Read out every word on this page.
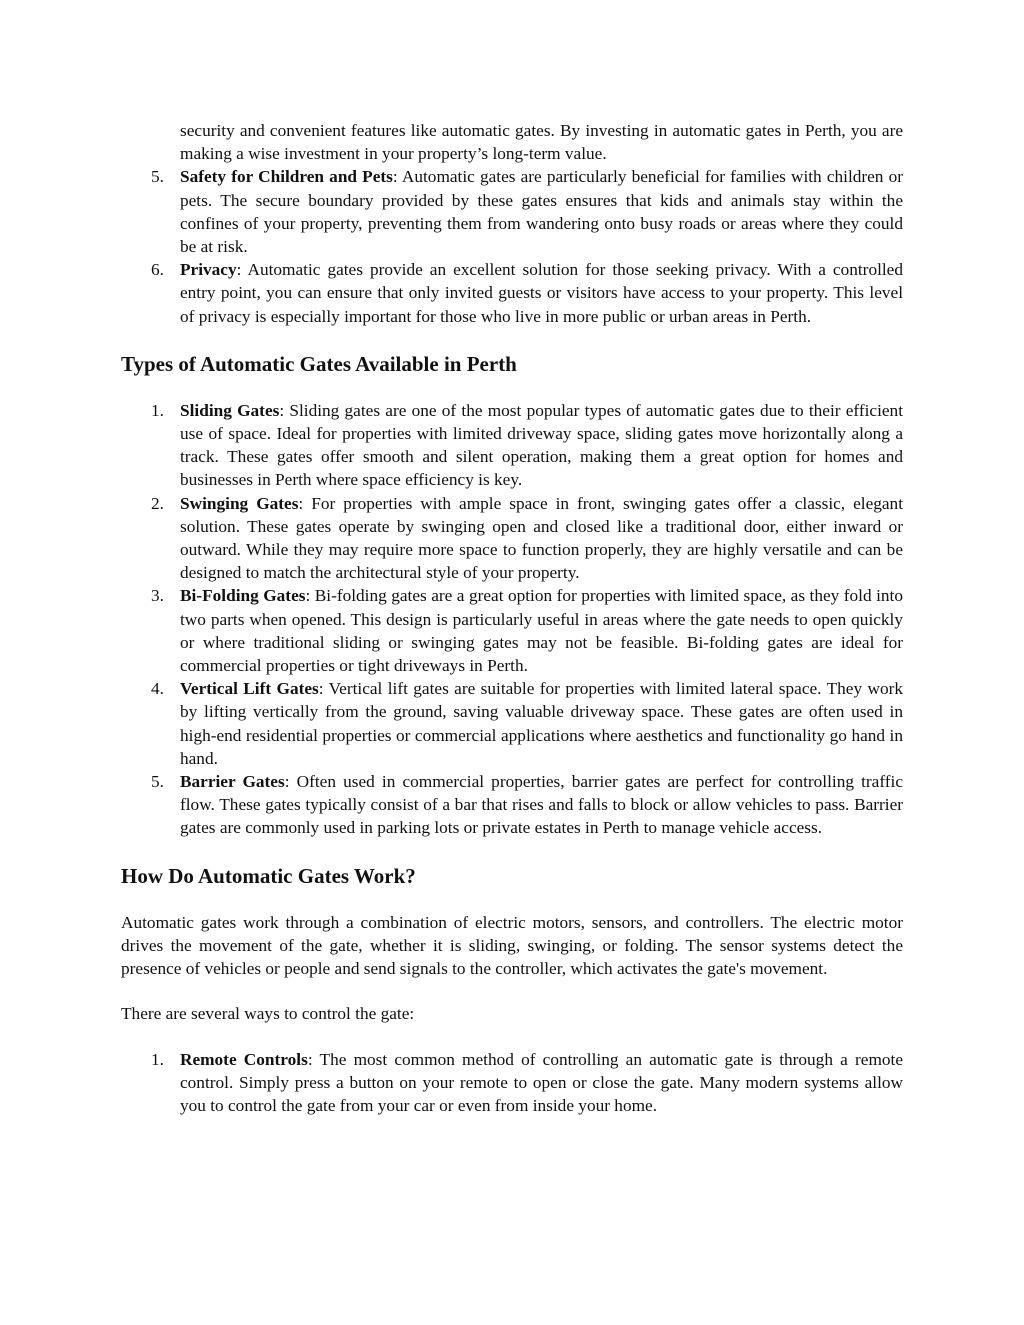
security and convenient features like automatic gates. By investing in automatic gates in Perth, you are making a wise investment in your property’s long-term value.
5. Safety for Children and Pets: Automatic gates are particularly beneficial for families with children or pets. The secure boundary provided by these gates ensures that kids and animals stay within the confines of your property, preventing them from wandering onto busy roads or areas where they could be at risk.
6. Privacy: Automatic gates provide an excellent solution for those seeking privacy. With a controlled entry point, you can ensure that only invited guests or visitors have access to your property. This level of privacy is especially important for those who live in more public or urban areas in Perth.
Types of Automatic Gates Available in Perth
1. Sliding Gates: Sliding gates are one of the most popular types of automatic gates due to their efficient use of space. Ideal for properties with limited driveway space, sliding gates move horizontally along a track. These gates offer smooth and silent operation, making them a great option for homes and businesses in Perth where space efficiency is key.
2. Swinging Gates: For properties with ample space in front, swinging gates offer a classic, elegant solution. These gates operate by swinging open and closed like a traditional door, either inward or outward. While they may require more space to function properly, they are highly versatile and can be designed to match the architectural style of your property.
3. Bi-Folding Gates: Bi-folding gates are a great option for properties with limited space, as they fold into two parts when opened. This design is particularly useful in areas where the gate needs to open quickly or where traditional sliding or swinging gates may not be feasible. Bi-folding gates are ideal for commercial properties or tight driveways in Perth.
4. Vertical Lift Gates: Vertical lift gates are suitable for properties with limited lateral space. They work by lifting vertically from the ground, saving valuable driveway space. These gates are often used in high-end residential properties or commercial applications where aesthetics and functionality go hand in hand.
5. Barrier Gates: Often used in commercial properties, barrier gates are perfect for controlling traffic flow. These gates typically consist of a bar that rises and falls to block or allow vehicles to pass. Barrier gates are commonly used in parking lots or private estates in Perth to manage vehicle access.
How Do Automatic Gates Work?

Automatic gates work through a combination of electric motors, sensors, and controllers. The electric motor drives the movement of the gate, whether it is sliding, swinging, or folding. The sensor systems detect the presence of vehicles or people and send signals to the controller, which activates the gate's movement.

There are several ways to control the gate:

1. Remote Controls: The most common method of controlling an automatic gate is through a remote control. Simply press a button on your remote to open or close the gate. Many modern systems allow you to control the gate from your car or even from inside your home.
